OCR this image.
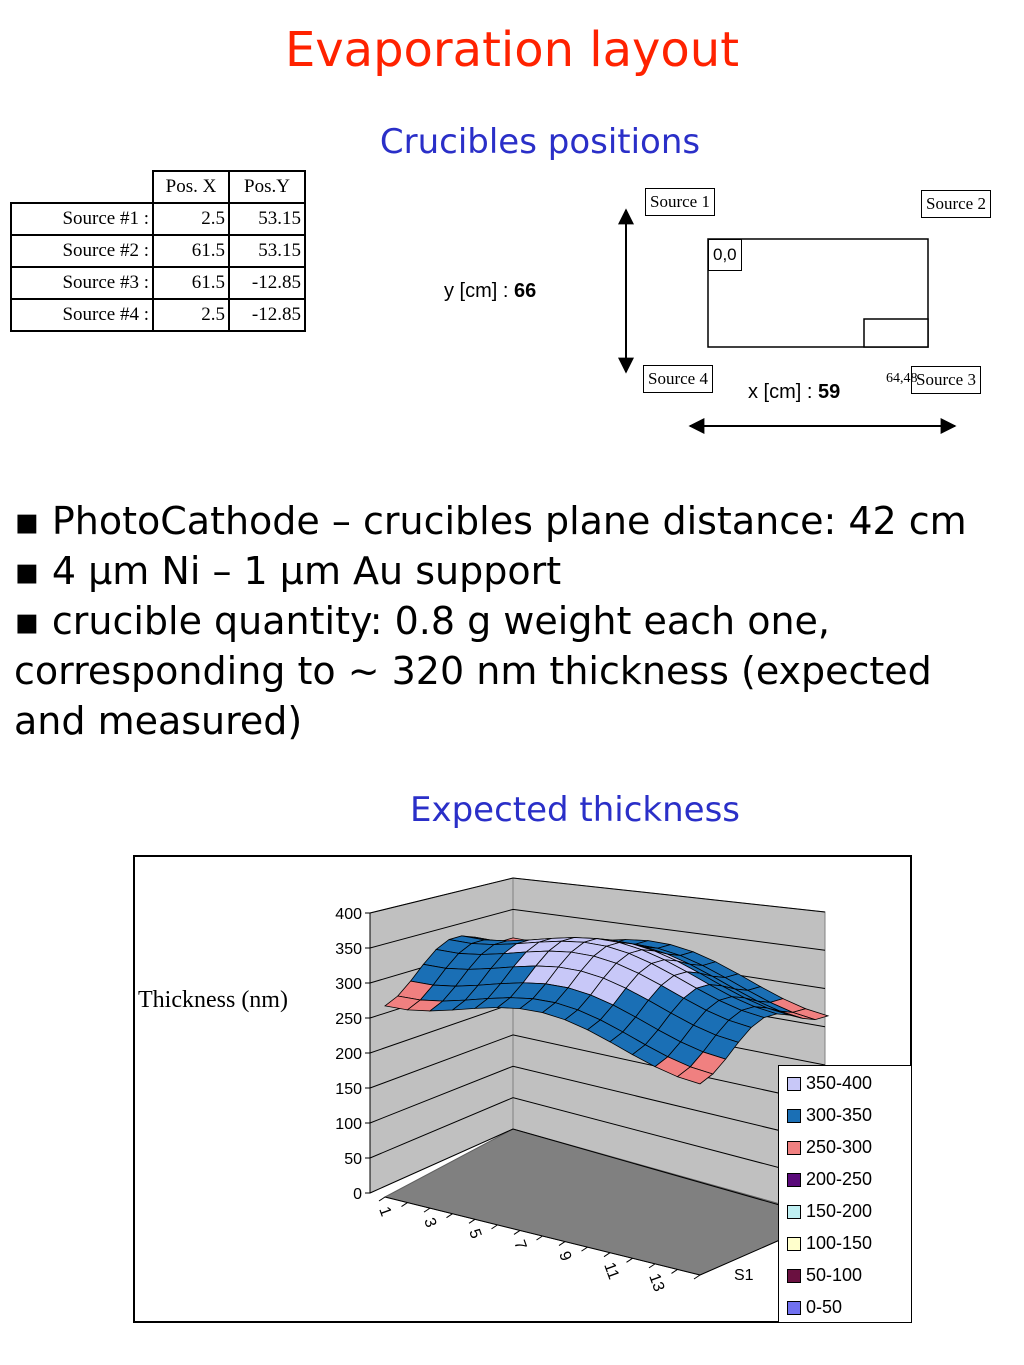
Evaporation layout
Crucibles positions
	Pos. X	Pos.Y
Source #1 :	2.5	53.15
Source #2 :	61.5	53.15
Source #3 :	61.5	-12.85
Source #4 :	2.5	-12.85
y [cm] : 66
Source 1	Source 2
Source 3
Source 4
0,0
64,48
x [cm] : 59
▪ PhotoCathode – crucibles plane distance: 42 cm
▪ 4 μm Ni – 1 μm Au support
▪ crucible quantity: 0.8 g weight each one, corresponding to ~ 320 nm thickness (expected and measured)
Expected thickness
0
50
100
150
200
250
300
350
400
1
3
5
7
9
11
13	S1
Thickness (nm)
350-400
300-350
250-300
200-250
150-200
100-150
50-100
0-50
